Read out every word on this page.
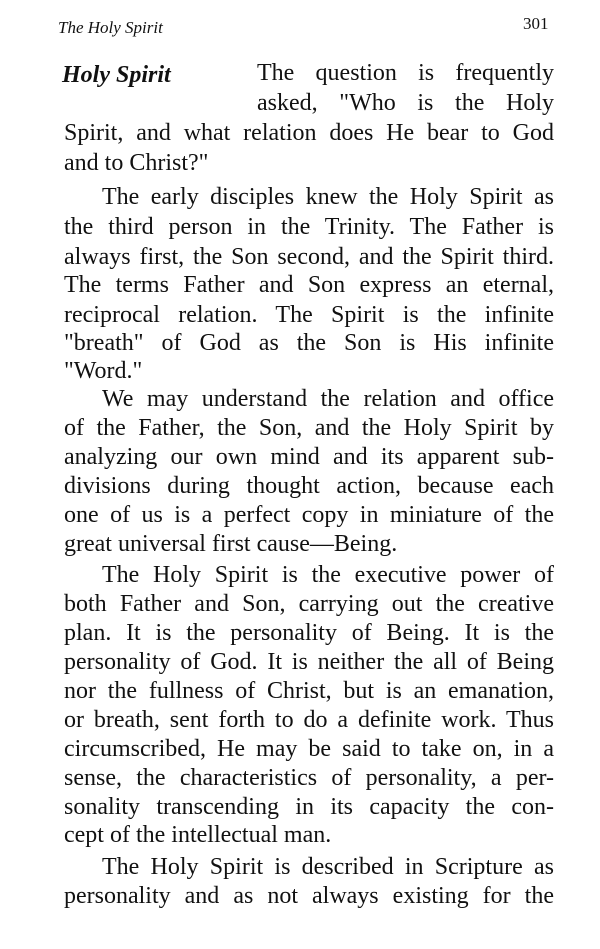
The Holy Spirit	301
Holy Spirit	The question is frequently
asked, "Who is the Holy
Spirit, and what relation does He bear to God
and to Christ?"
The early disciples knew the Holy Spirit as
the third person in the Trinity. The Father is
always first, the Son second, and the Spirit third.
The terms Father and Son express an eternal,
reciprocal relation. The Spirit is the infinite
"breath" of God as the Son is His infinite
"Word."
We may understand the relation and office
of the Father, the Son, and the Holy Spirit by
analyzing our own mind and its apparent sub-
divisions during thought action, because each
one of us is a perfect copy in miniature of the
great universal first cause—Being.
The Holy Spirit is the executive power of
both Father and Son, carrying out the creative
plan. It is the personality of Being. It is the
personality of God. It is neither the all of Being
nor the fullness of Christ, but is an emanation,
or breath, sent forth to do a definite work. Thus
circumscribed, He may be said to take on, in a
sense, the characteristics of personality, a per-
sonality transcending in its capacity the con-
cept of the intellectual man.
The Holy Spirit is described in Scripture as
personality and as not always existing for the
